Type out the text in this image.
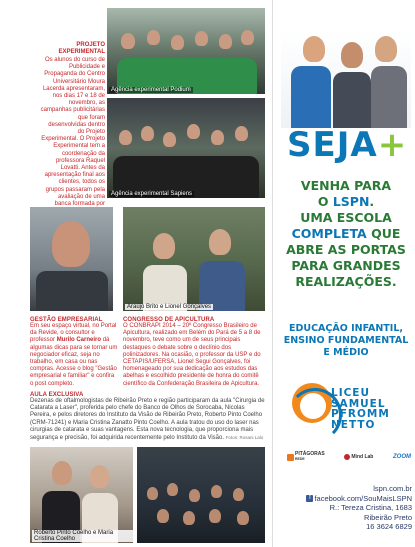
PROJETO EXPERIMENTAL
Os alunos do curso de Publicidade e Propaganda do Centro Universitário Moura Lacerda apresentaram, nos dias 17 e 18 de novembro, as campanhas publicitárias que foram desenvolvidas dentro do Projeto Experimental. O Projeto Experimental tem a coordenação da professora Raquel Lovatti. Antes da apresentação final aos clientes, todos os grupos passaram pela avaliação de uma banca formada por
Agência experimental Podium
Agência experimental Sapiens
GESTÃO EMPRESARIAL
Em seu espaço virtual, no Portal da Revide, o consultor e professor Murilo Carneiro dá algumas dicas para se tornar um negociador eficaz, seja no trabalho, em casa ou nas compras. Acesse o blog "Gestão empresarial e familiar" e confira o post completo.
Araújo Brito e Lionel Gonçalves
CONGRESSO DE APICULTURA
O CONBRAPI 2014 – 20º Congresso Brasileiro de Apicultura, realizado em Belém do Pará de 5 a 8 de novembro, teve como um de seus principais destaques o debate sobre o declínio dos polinizadores. Na ocasião, o professor da USP e do CETAPIS/UFERSA, Lionel Segui Gonçalves, foi homenageado por sua dedicação aos estudos das abelhas e escolhido presidente de honra do comitê científico da Confederação Brasileira de Apicultura.
AULA EXCLUSIVA
Dezenas de oftalmologistas de Ribeirão Preto e região participaram da aula "Cirurgia de Catarata a Laser", proferida pelo chefe do Banco de Olhos de Sorocaba, Nicolas Pereira, e pelos diretores do Instituto da Visão de Ribeirão Preto, Roberto Pinto Coelho (CRM-71241) e Maria Cristina Zanatto Pinto Coelho. A aula tratou do uso do laser nas cirurgias de catarata e suas vantagens. Esta nova tecnologia, que proporciona mais segurança e precisão, foi adquirida recentemente pelo Instituto da Visão. Fotos: Rosani Lalo
Roberto Pinto Coelho e Maria Cristina Coelho
SEJA+
VENHA PARA
O LSPN.
UMA ESCOLA
COMPLETA QUE
ABRE AS PORTAS
PARA GRANDES
REALIZAÇÕES.
EDUCAÇÃO INFANTIL,
ENSINO FUNDAMENTAL
E MÉDIO
LICEU
SAMUEL
PFROMM
NETTO
PITÁGORAS
REDE	Mind Lab	ZOOM
lspn.com.br
f facebook.com/SouMaisLSPN
R.: Tereza Cristina, 1683
Ribeirão Preto
16 3624 6829
